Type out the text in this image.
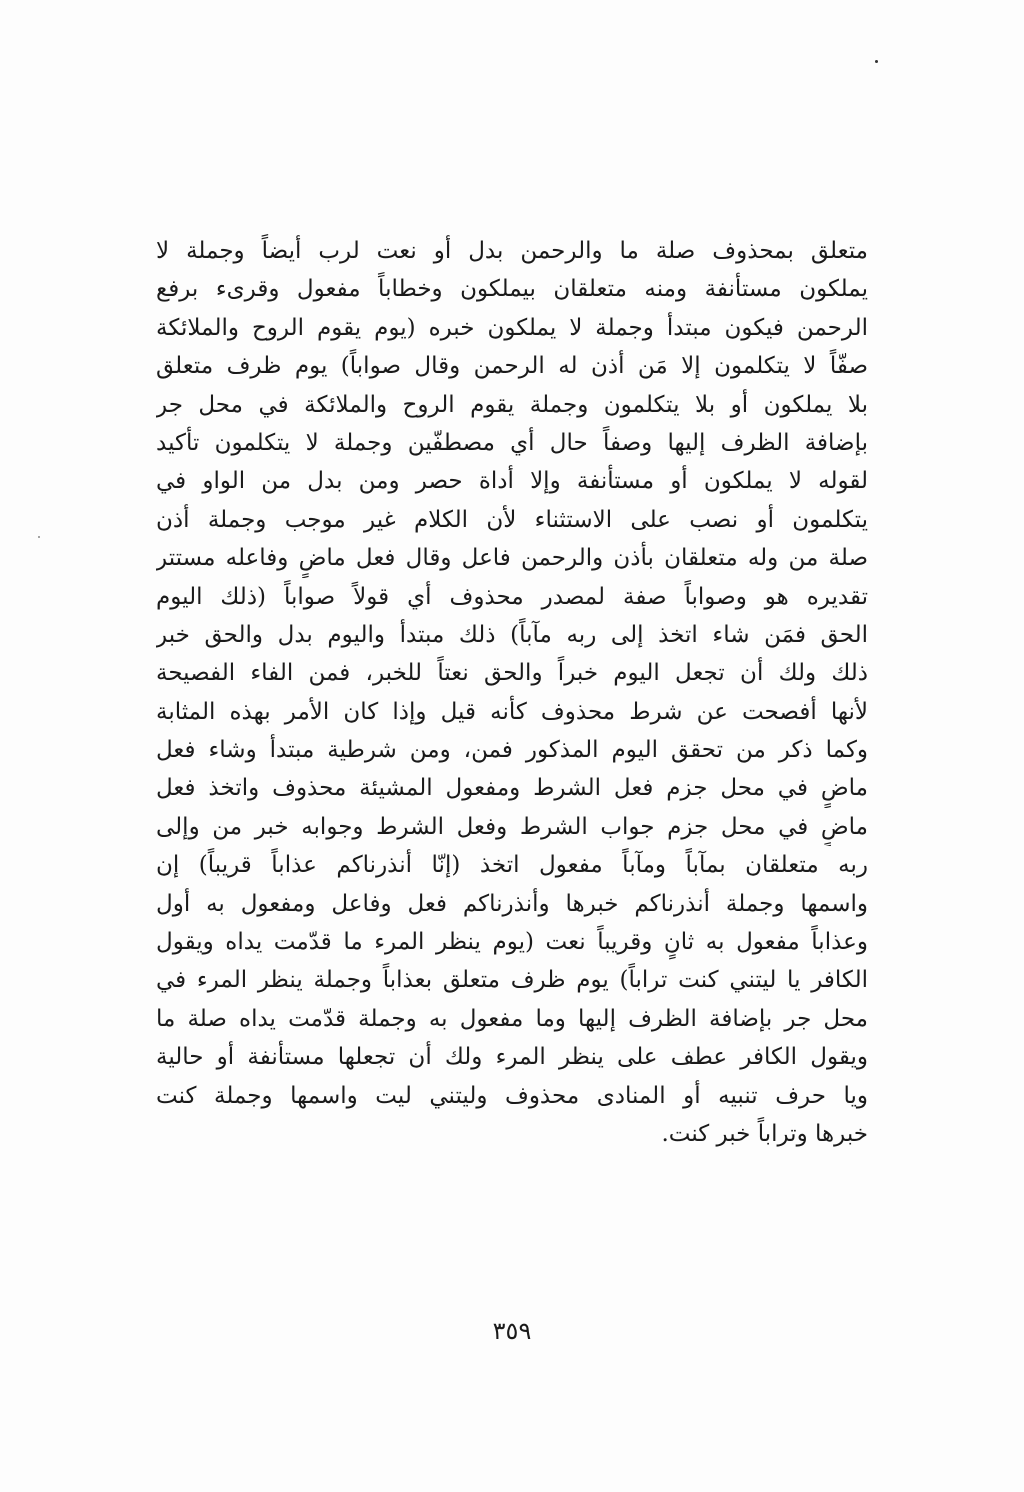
متعلق بمحذوف صلة ما والرحمن بدل أو نعت لرب أيضاً وجملة لا
يملكون مستأنفة ومنه متعلقان بيملكون وخطاباً مفعول وقرىء برفع
الرحمن فيكون مبتدأ وجملة لا يملكون خبره (يوم يقوم الروح والملائكة
صفّاً لا يتكلمون إلا مَن أذن له الرحمن وقال صواباً) يوم ظرف متعلق
بلا يملكون أو بلا يتكلمون وجملة يقوم الروح والملائكة في محل جر
بإضافة الظرف إليها وصفاً حال أي مصطفّين وجملة لا يتكلمون تأكيد
لقوله لا يملكون أو مستأنفة وإلا أداة حصر ومن بدل من الواو في
يتكلمون أو نصب على الاستثناء لأن الكلام غير موجب وجملة أذن
صلة من وله متعلقان بأذن والرحمن فاعل وقال فعل ماضٍ وفاعله مستتر
تقديره هو وصواباً صفة لمصدر محذوف أي قولاً صواباً (ذلك اليوم
الحق فمَن شاء اتخذ إلى ربه مآباً) ذلك مبتدأ واليوم بدل والحق خبر
ذلك ولك أن تجعل اليوم خبراً والحق نعتاً للخبر، فمن الفاء الفصيحة
لأنها أفصحت عن شرط محذوف كأنه قيل وإذا كان الأمر بهذه المثابة
وكما ذكر من تحقق اليوم المذكور فمن، ومن شرطية مبتدأ وشاء فعل
ماضٍ في محل جزم فعل الشرط ومفعول المشيئة محذوف واتخذ فعل
ماضٍ في محل جزم جواب الشرط وفعل الشرط وجوابه خبر من وإلى
ربه متعلقان بمآباً ومآباً مفعول اتخذ (إنّا أنذرناكم عذاباً قريباً) إن
واسمها وجملة أنذرناكم خبرها وأنذرناكم فعل وفاعل ومفعول به أول
وعذاباً مفعول به ثانٍ وقريباً نعت (يوم ينظر المرء ما قدّمت يداه ويقول
الكافر يا ليتني كنت تراباً) يوم ظرف متعلق بعذاباً وجملة ينظر المرء في
محل جر بإضافة الظرف إليها وما مفعول به وجملة قدّمت يداه صلة ما
ويقول الكافر عطف على ينظر المرء ولك أن تجعلها مستأنفة أو حالية
ويا حرف تنبيه أو المنادى محذوف وليتني ليت واسمها وجملة كنت
خبرها وتراباً خبر كنت.
٣٥٩
